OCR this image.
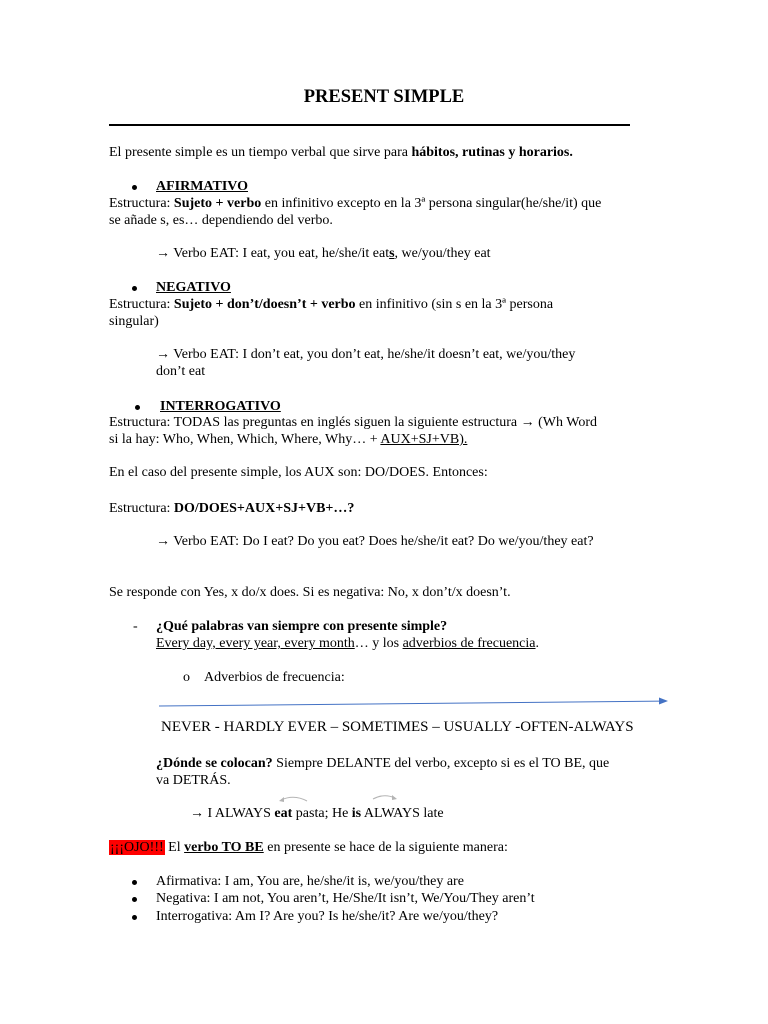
PRESENT SIMPLE
El presente simple es un tiempo verbal que sirve para hábitos, rutinas y horarios.
AFIRMATIVO
Estructura: Sujeto + verbo en infinitivo excepto en la 3ª persona singular(he/she/it) que
se añade s, es… dependiendo del verbo.
→ Verbo EAT: I eat, you eat, he/she/it eats, we/you/they eat
NEGATIVO
Estructura: Sujeto + don’t/doesn’t + verbo en infinitivo (sin s en la 3ª persona
singular)
→ Verbo EAT: I don’t eat, you don’t eat, he/she/it doesn’t eat, we/you/they
don’t eat
INTERROGATIVO
Estructura: TODAS las preguntas en inglés siguen la siguiente estructura → (Wh Word
si la hay: Who, When, Which, Where, Why… + AUX+SJ+VB).
En el caso del presente simple, los AUX son: DO/DOES. Entonces:
Estructura: DO/DOES+AUX+SJ+VB+…?
→ Verbo EAT: Do I eat? Do you eat? Does he/she/it eat? Do we/you/they eat?
Se responde con Yes, x do/x does. Si es negativa: No, x don’t/x doesn’t.
- ¿Qué palabras van siempre con presente simple?
Every day, every year, every month… y los adverbios de frecuencia.
o Adverbios de frecuencia:
NEVER - HARDLY EVER – SOMETIMES – USUALLY -OFTEN-ALWAYS
¿Dónde se colocan? Siempre DELANTE del verbo, excepto si es el TO BE, que
va DETRÁS.
→ I ALWAYS eat pasta; He is ALWAYS late
¡¡¡OJO!!! El verbo TO BE en presente se hace de la siguiente manera:
Afirmativa: I am, You are, he/she/it is, we/you/they are
Negativa: I am not, You aren’t, He/She/It isn’t, We/You/They aren’t
Interrogativa: Am I? Are you? Is he/she/it? Are we/you/they?
